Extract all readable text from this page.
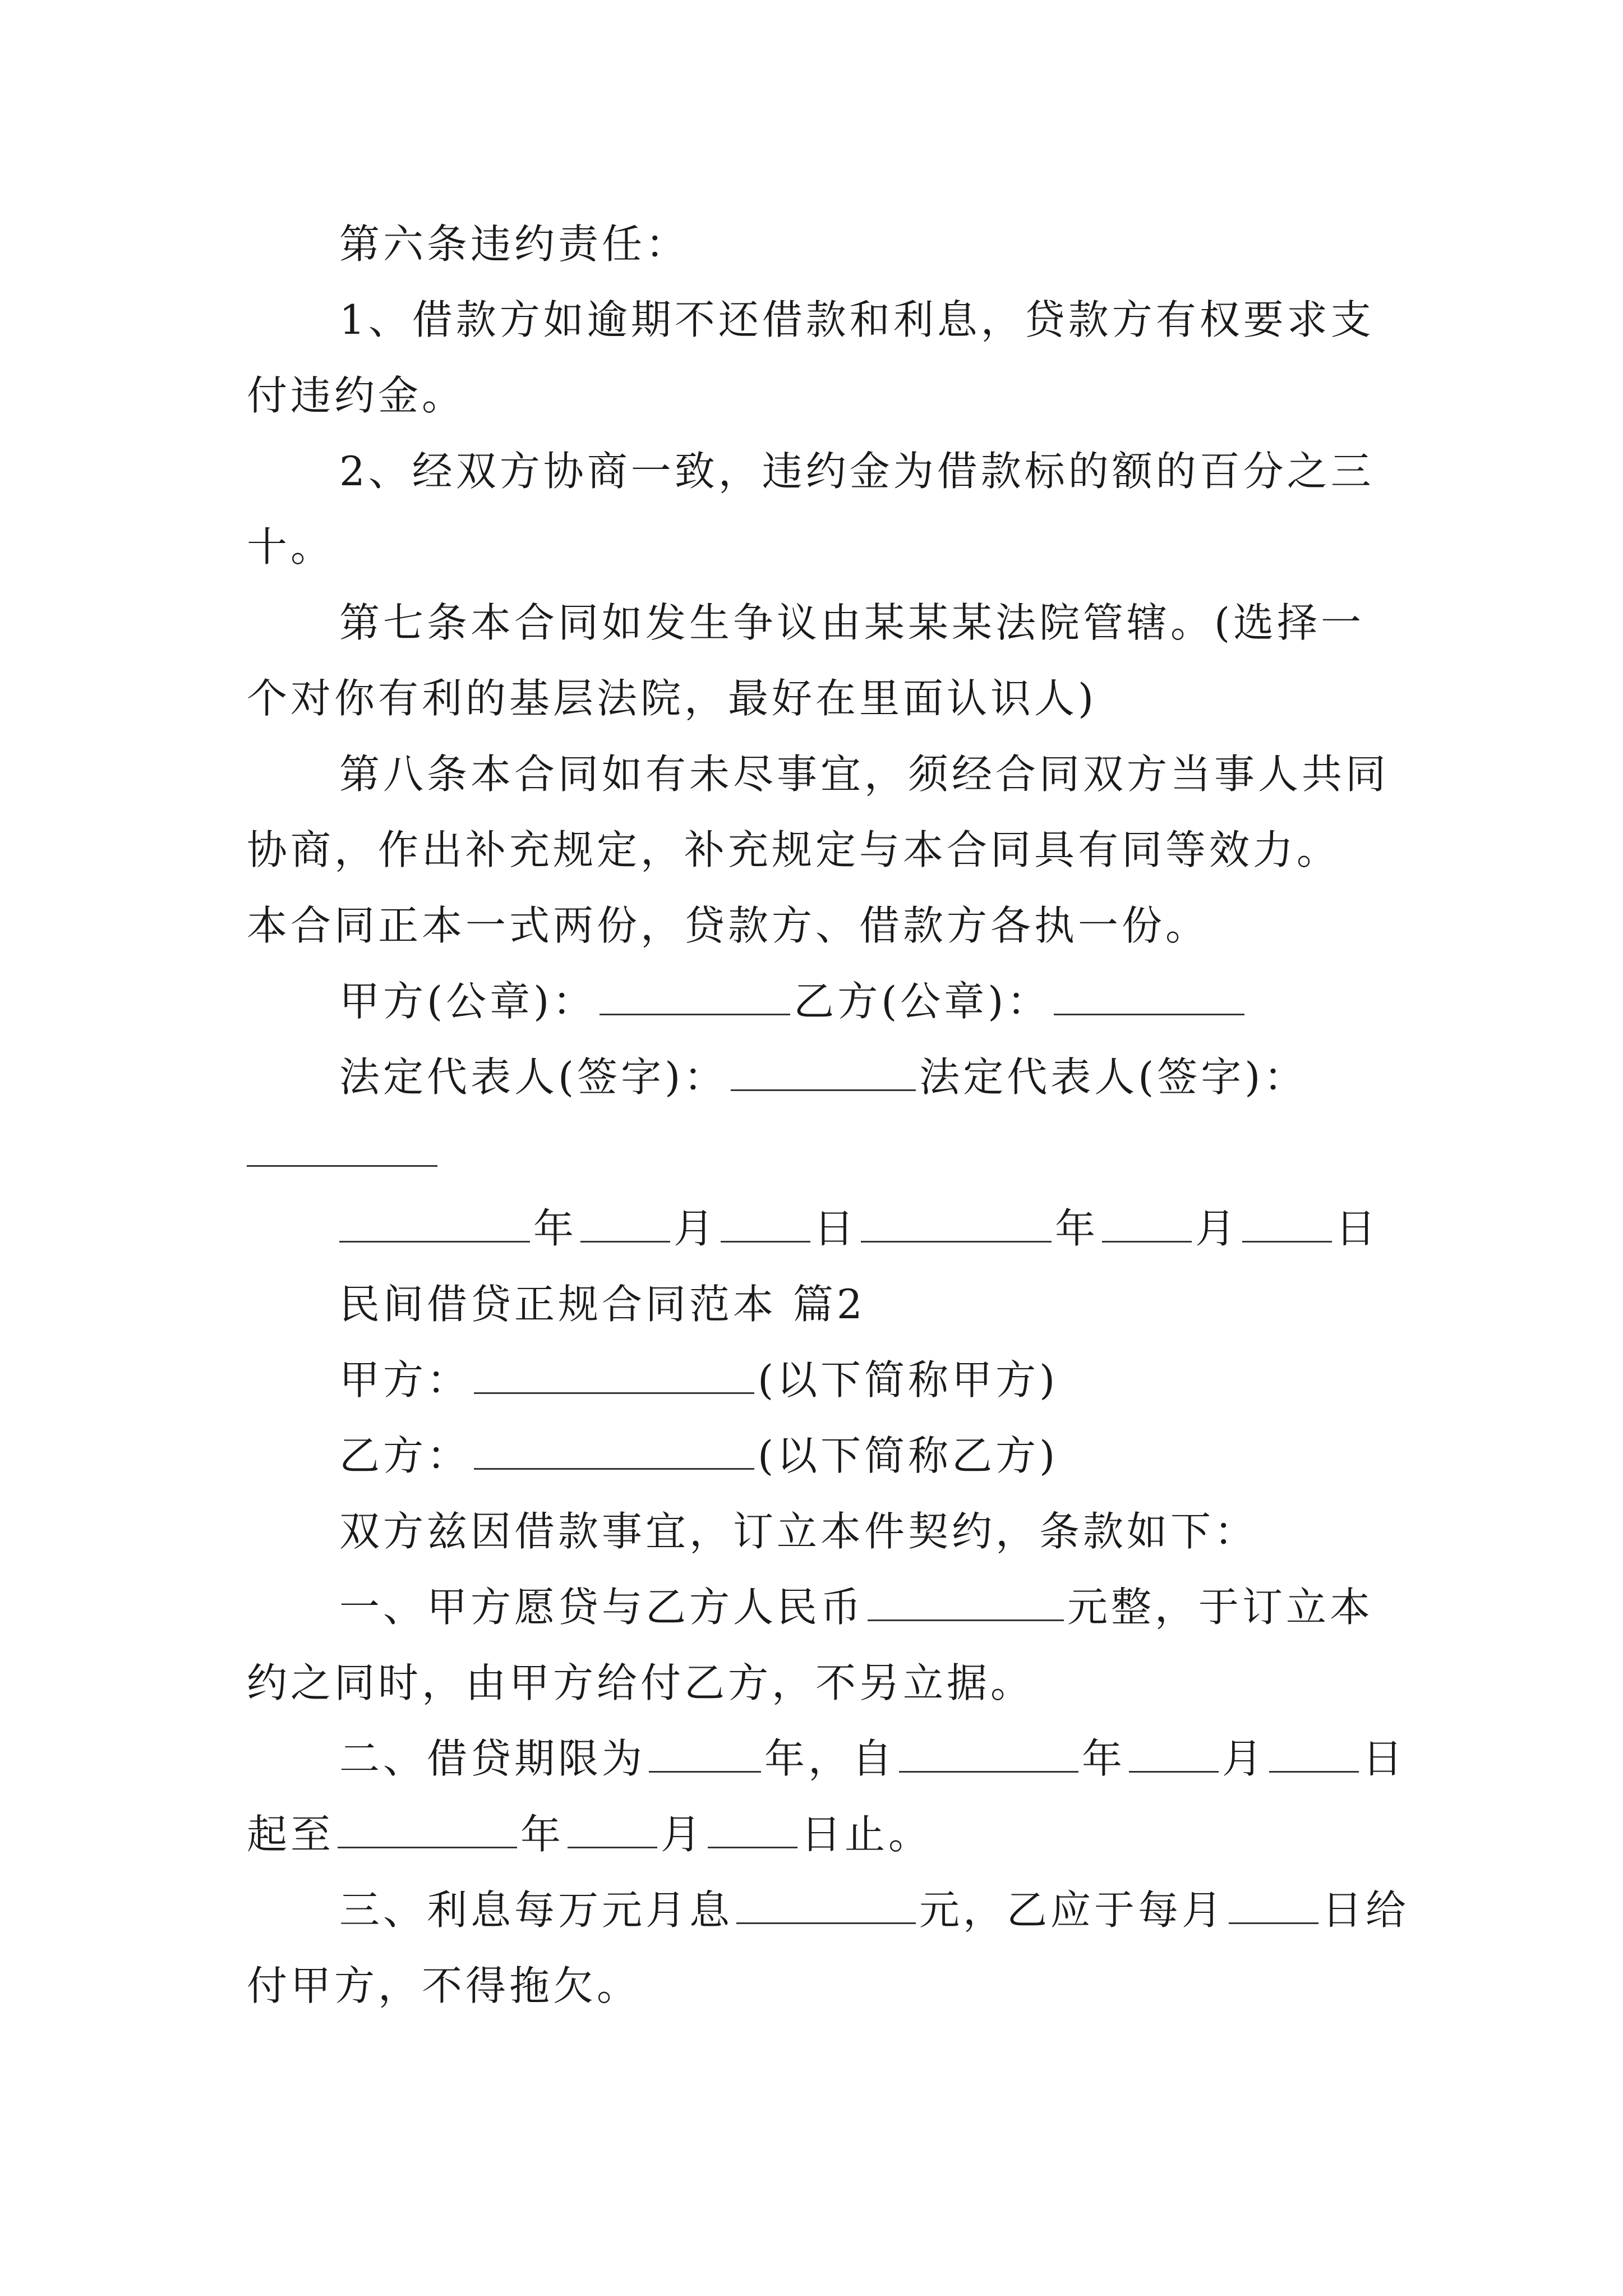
第六条违约责任：
1、借款方如逾期不还借款和利息，贷款方有权要求支
付违约金。
2、经双方协商一致，违约金为借款标的额的百分之三
十。
第七条本合同如发生争议由某某某法院管辖。(选择一
个对你有利的基层法院，最好在里面认识人)
第八条本合同如有未尽事宜，须经合同双方当事人共同
协商，作出补充规定，补充规定与本合同具有同等效力。
本合同正本一式两份，贷款方、借款方各执一份。
甲方(公章)：	乙方(公章)：
法定代表人(签字)：	法定代表人(签字)：
年 月 日	年 月 日
民间借贷正规合同范本 篇2
甲方：	(以下简称甲方)
乙方：	(以下简称乙方)
双方兹因借款事宜，订立本件契约，条款如下：
一、甲方愿贷与乙方人民币	元整，于订立本
约之同时，由甲方给付乙方，不另立据。
二、借贷期限为	年，自	年 月 日
起至	年 月 日止。
三、利息每万元月息	元，乙应于每月 日给
付甲方，不得拖欠。
